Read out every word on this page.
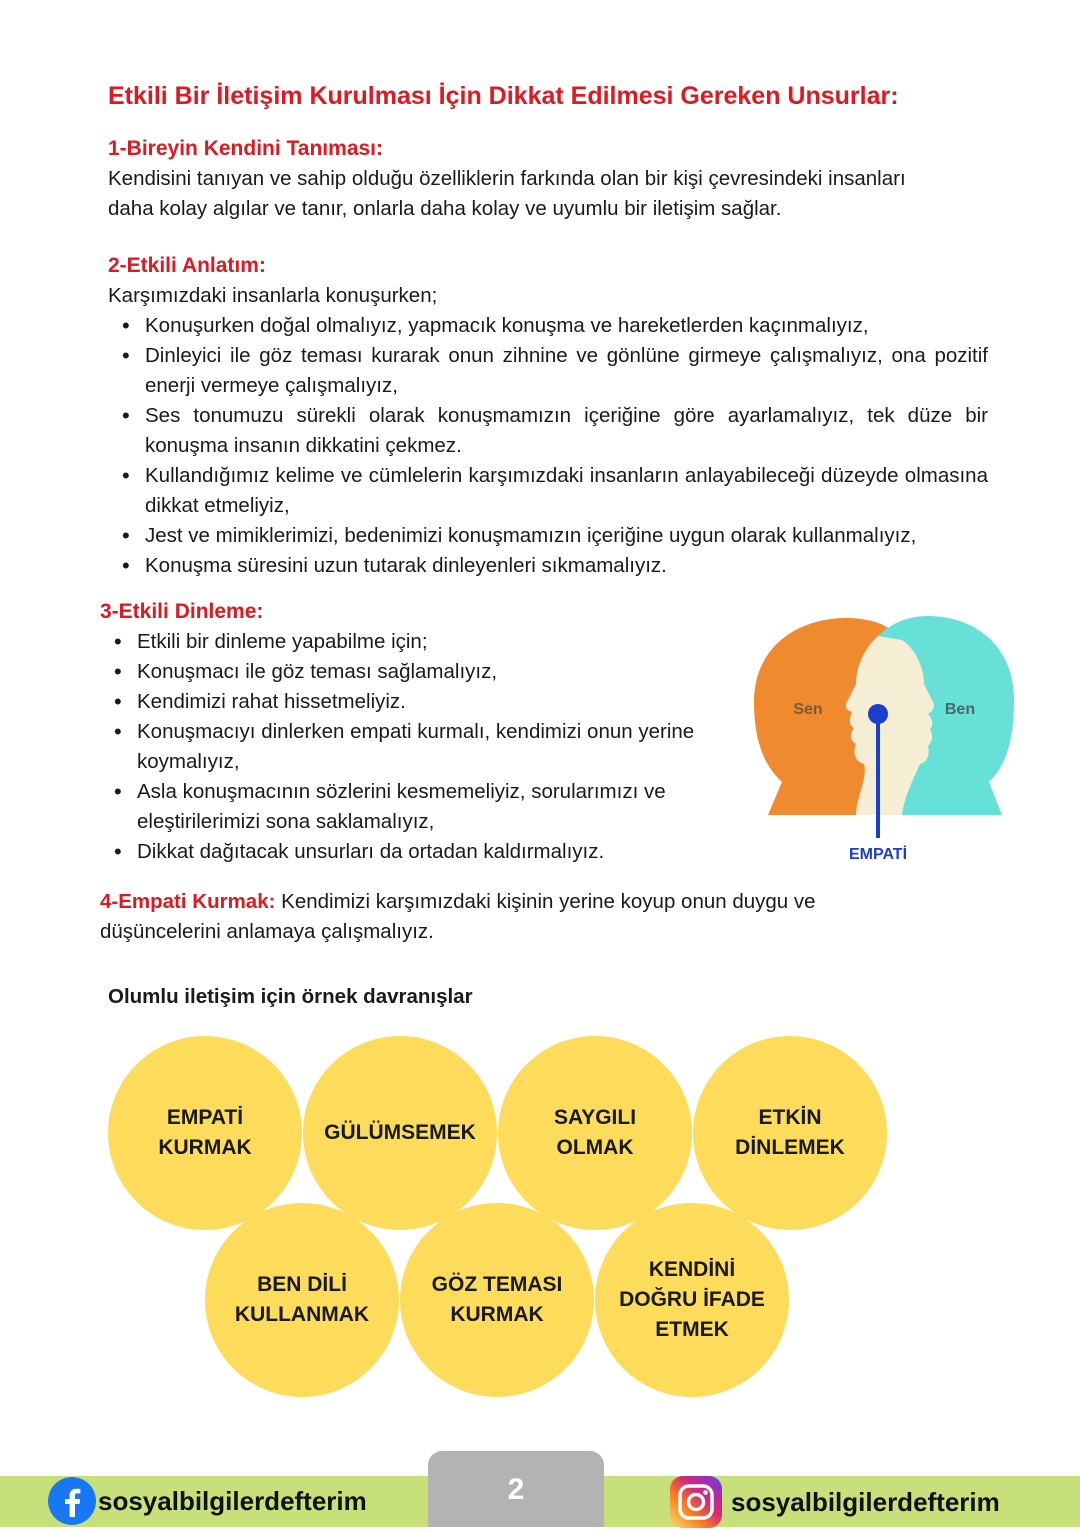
Etkili Bir İletişim Kurulması İçin Dikkat Edilmesi Gereken Unsurlar:
1-Bireyin Kendini Tanıması:
Kendisini tanıyan ve sahip olduğu özelliklerin farkında olan bir kişi çevresindeki insanları
daha kolay algılar ve tanır, onlarla daha kolay ve uyumlu bir iletişim sağlar.
2-Etkili Anlatım:
Karşımızdaki insanlarla konuşurken;
• Konuşurken doğal olmalıyız, yapmacık konuşma ve hareketlerden kaçınmalıyız,
• Dinleyici ile göz teması kurarak onun zihnine ve gönlüne girmeye çalışmalıyız, ona pozitif enerji vermeye çalışmalıyız,
• Ses tonumuzu sürekli olarak konuşmamızın içeriğine göre ayarlamalıyız, tek düze bir konuşma insanın dikkatini çekmez.
• Kullandığımız kelime ve cümlelerin karşımızdaki insanların anlayabileceği düzeyde olmasına dikkat etmeliyiz,
• Jest ve mimiklerimizi, bedenimizi konuşmamızın içeriğine uygun olarak kullanmalıyız,
• Konuşma süresini uzun tutarak dinleyenleri sıkmamalıyız.
3-Etkili Dinleme:
• Etkili bir dinleme yapabilme için;
• Konuşmacı ile göz teması sağlamalıyız,
• Kendimizi rahat hissetmeliyiz.
• Konuşmacıyı dinlerken empati kurmalı, kendimizi onun yerine koymalıyız,
• Asla konuşmacının sözlerini kesmemeliyiz, sorularımızı ve eleştirilerimizi sona saklamalıyız,
• Dikkat dağıtacak unsurları da ortadan kaldırmalıyız.
Sen	Ben
EMPATİ
4-Empati Kurmak: Kendimizi karşımızdaki kişinin yerine koyup onun duygu ve
düşüncelerini anlamaya çalışmalıyız.
Olumlu iletişim için örnek davranışlar
EMPATİ
KURMAK
GÜLÜMSEMEK
SAYGILI
OLMAK
ETKİN
DİNLEMEK
BEN DİLİ
KULLANMAK
GÖZ TEMASI
KURMAK
KENDİNİ
DOĞRU İFADE
ETMEK
2
sosyalbilgilerdefterim	sosyalbilgilerdefterim
